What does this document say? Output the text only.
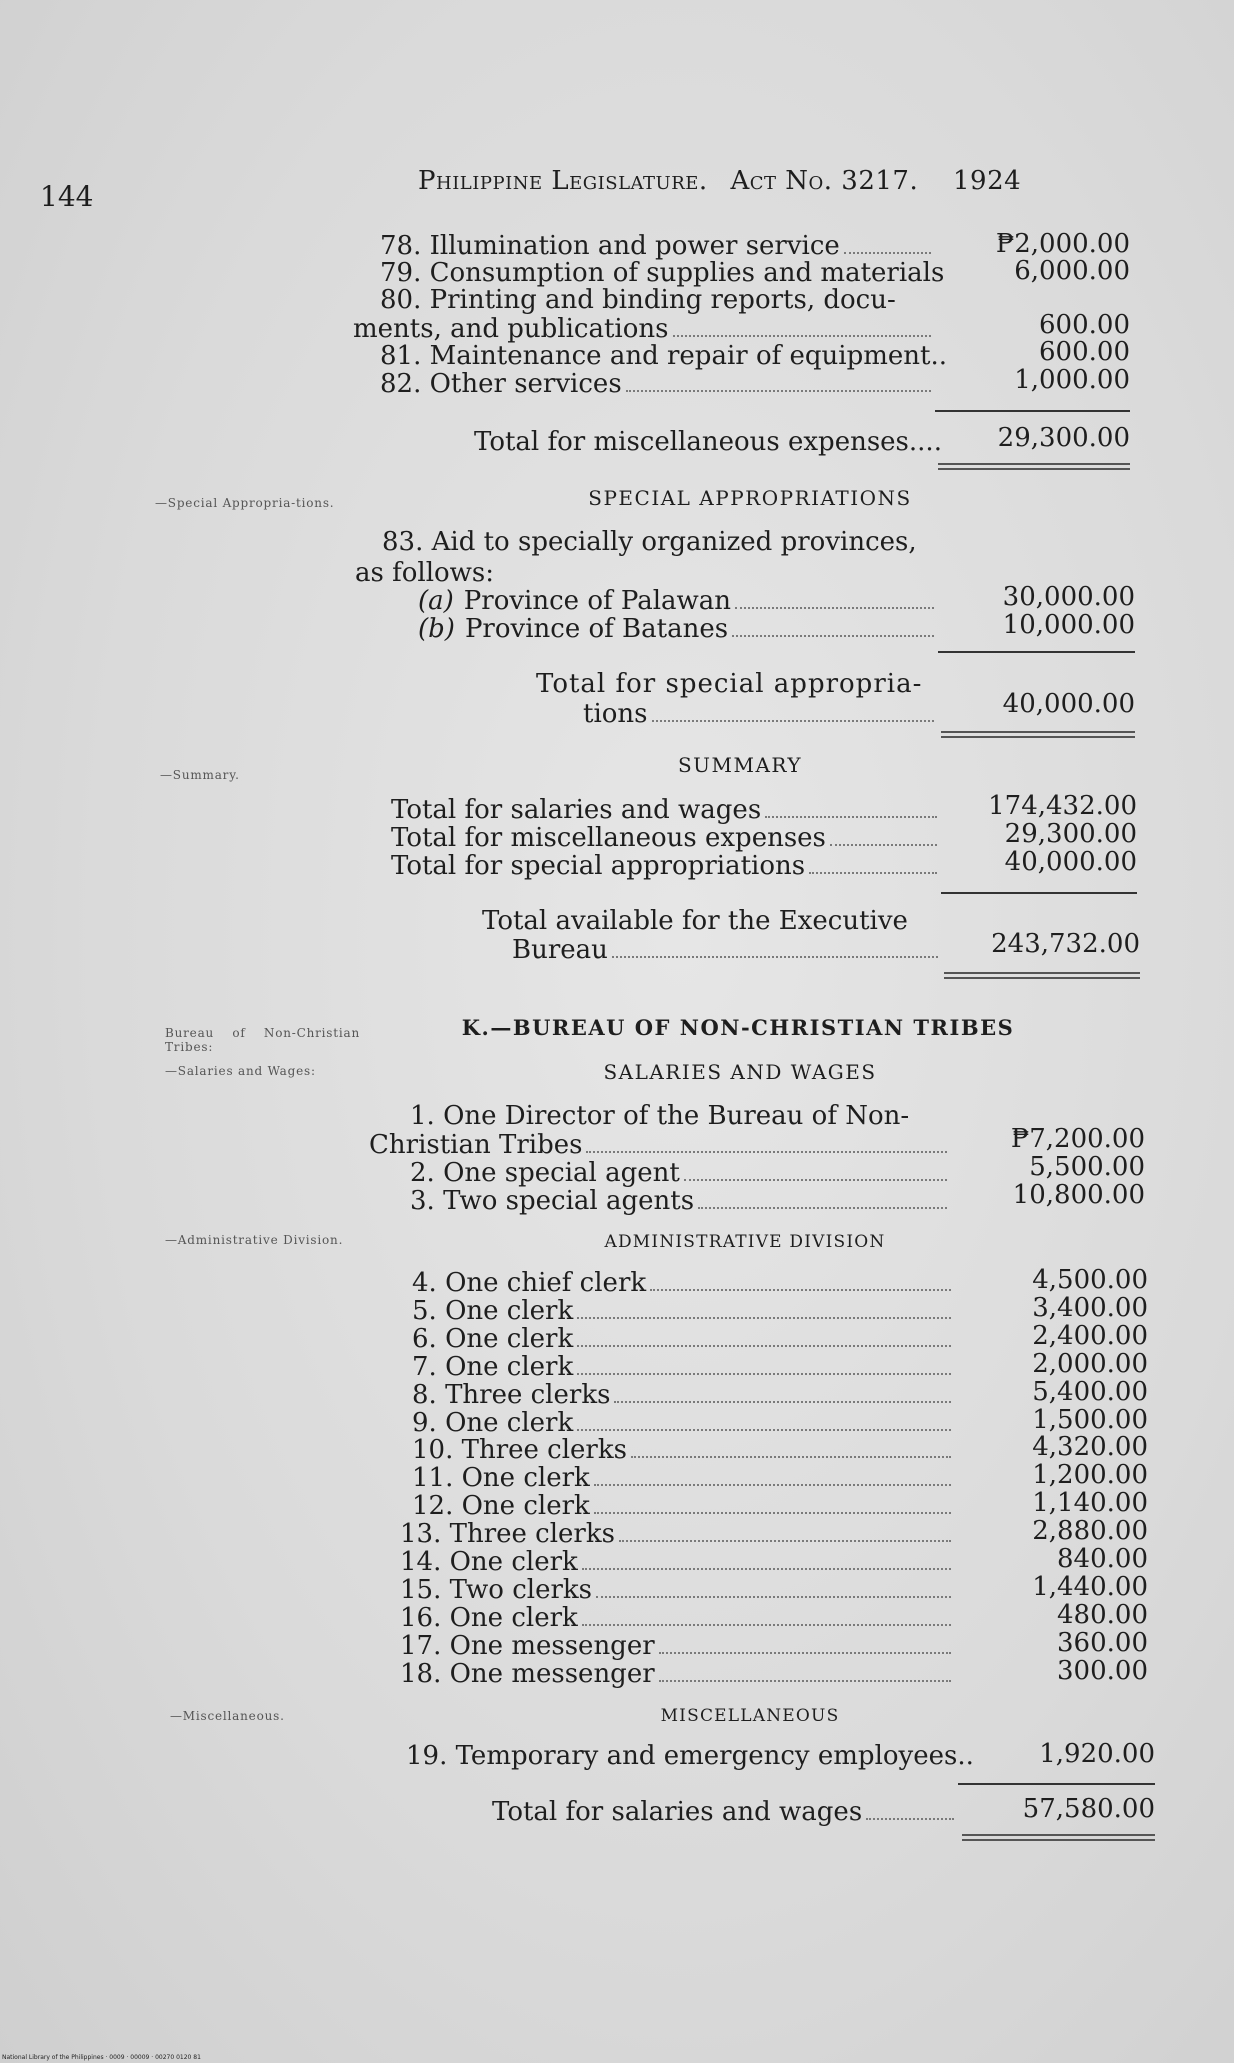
144	Philippine Legislature. Act No. 3217. 1924
78. Illumination and power service	₱2,000.00
79. Consumption of supplies and materials	6,000.00
80. Printing and binding reports, docu-
ments, and publications	600.00
81. Maintenance and repair of equipment..	600.00
82. Other services	1,000.00
Total for miscellaneous expenses....	29,300.00
—Special Appropria-tions.	SPECIAL APPROPRIATIONS
83. Aid to specially organized provinces,
as follows:
(a) Province of Palawan	30,000.00
(b) Province of Batanes	10,000.00
Total for special appropria-
tions	40,000.00
—Summary.	SUMMARY
Total for salaries and wages	174,432.00
Total for miscellaneous expenses	29,300.00
Total for special appropriations	40,000.00
Total available for the Executive
Bureau	243,732.00
Bureau of Non-Christian Tribes:
—Salaries and Wages:
K.—BUREAU OF NON-CHRISTIAN TRIBES
SALARIES AND WAGES
1. One Director of the Bureau of Non-
Christian Tribes	₱7,200.00
2. One special agent	5,500.00
3. Two special agents	10,800.00
—Administrative Division.	ADMINISTRATIVE DIVISION
4. One chief clerk	4,500.00
5. One clerk	3,400.00
6. One clerk	2,400.00
7. One clerk	2,000.00
8. Three clerks	5,400.00
9. One clerk	1,500.00
10. Three clerks	4,320.00
11. One clerk	1,200.00
12. One clerk	1,140.00
13. Three clerks	2,880.00
14. One clerk	840.00
15. Two clerks	1,440.00
16. One clerk	480.00
17. One messenger	360.00
18. One messenger	300.00
—Miscellaneous.	MISCELLANEOUS
19. Temporary and emergency employees..	1,920.00
Total for salaries and wages	57,580.00
National Library of the Philippines · 0009 · 00009 · 00270 0120 81
